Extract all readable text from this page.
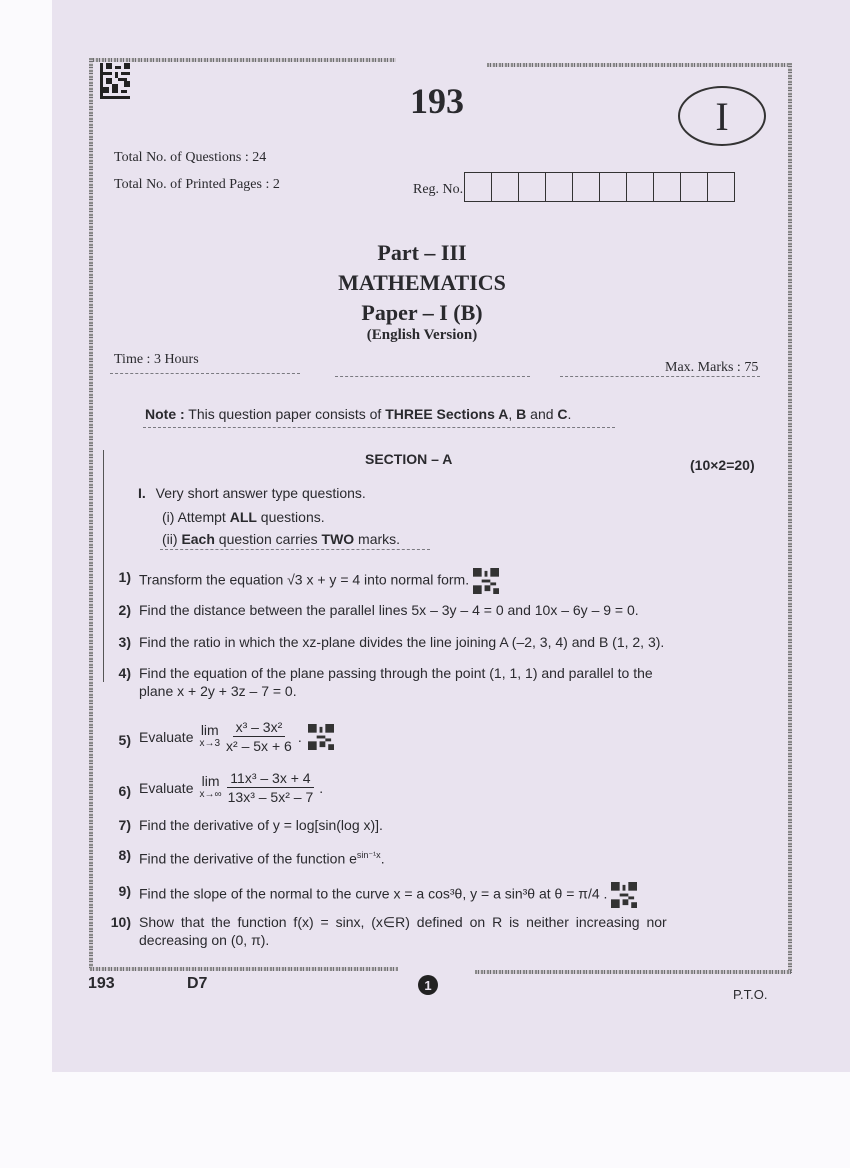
193	I
Total No. of Questions : 24
Total No. of Printed Pages : 2	Reg. No.
Part – III
MATHEMATICS
Paper – I (B)
(English Version)
Time : 3 Hours
Max. Marks : 75
Note : This question paper consists of THREE Sections A, B and C.
SECTION – A	(10×2=20)
I. Very short answer type questions.
(i) Attempt ALL questions.
(ii) Each question carries TWO marks.
1) Transform the equation √3 x + y = 4 into normal form.
2) Find the distance between the parallel lines 5x – 3y – 4 = 0 and 10x – 6y – 9 = 0.
3) Find the ratio in which the xz-plane divides the line joining A (–2, 3, 4) and B (1, 2, 3).
4) Find the equation of the plane passing through the point (1, 1, 1) and parallel to the
plane x + 2y + 3z – 7 = 0.
5) Evaluate lim
$x\to 3 \frac{\text{x³ – 3x²}}{\text{x² – 5x + 6}}$ .
6) Evaluate lim
$x\to\infty \frac{\text{11x³ – 3x + 4}}{\text{13x³ – 5x² – 7}}$ .
7) Find the derivative of y = log[sin(log x)].
8) Find the derivative of the function $e^{sin^{-1}x}$.
9) Find the slope of the normal to the curve x = a cos³θ, y = a sin³θ at θ = π/4 .
10) Show that the function f(x) = sinx, (x∈R) defined on R is neither increasing nor
decreasing on (0, π).
193	D7	1
P.T.O.
